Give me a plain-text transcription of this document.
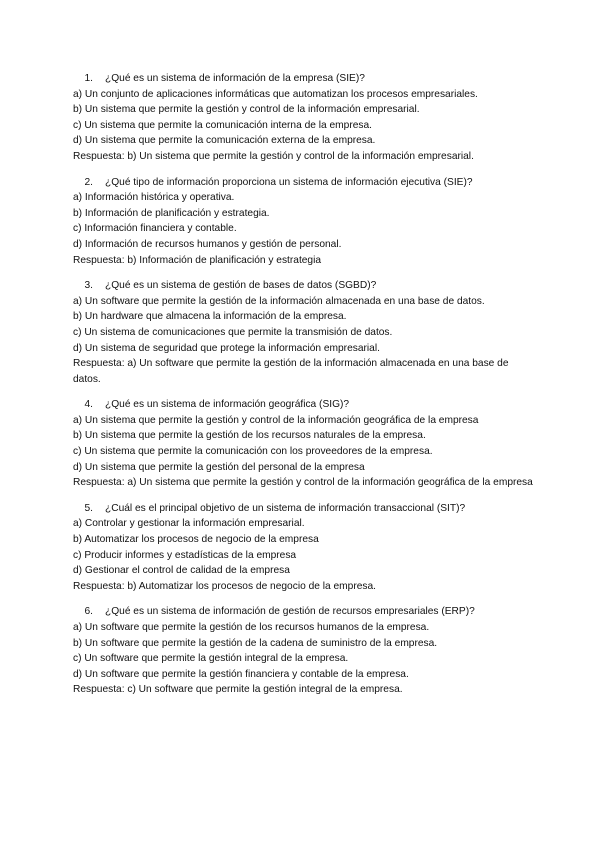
1. ¿Qué es un sistema de información de la empresa (SIE)?
a) Un conjunto de aplicaciones informáticas que automatizan los procesos empresariales.
b) Un sistema que permite la gestión y control de la información empresarial.
c) Un sistema que permite la comunicación interna de la empresa.
d) Un sistema que permite la comunicación externa de la empresa.
Respuesta: b) Un sistema que permite la gestión y control de la información empresarial.
2. ¿Qué tipo de información proporciona un sistema de información ejecutiva (SIE)?
a) Información histórica y operativa.
b) Información de planificación y estrategia.
c) Información financiera y contable.
d) Información de recursos humanos y gestión de personal.
Respuesta: b) Información de planificación y estrategia
3. ¿Qué es un sistema de gestión de bases de datos (SGBD)?
a) Un software que permite la gestión de la información almacenada en una base de datos.
b) Un hardware que almacena la información de la empresa.
c) Un sistema de comunicaciones que permite la transmisión de datos.
d) Un sistema de seguridad que protege la información empresarial.
Respuesta: a) Un software que permite la gestión de la información almacenada en una base de datos.
4. ¿Qué es un sistema de información geográfica (SIG)?
a) Un sistema que permite la gestión y control de la información geográfica de la empresa
b) Un sistema que permite la gestión de los recursos naturales de la empresa.
c) Un sistema que permite la comunicación con los proveedores de la empresa.
d) Un sistema que permite la gestión del personal de la empresa
Respuesta: a) Un sistema que permite la gestión y control de la información geográfica de la empresa
5. ¿Cuál es el principal objetivo de un sistema de información transaccional (SIT)?
a) Controlar y gestionar la información empresarial.
b) Automatizar los procesos de negocio de la empresa
c) Producir informes y estadísticas de la empresa
d) Gestionar el control de calidad de la empresa
Respuesta: b) Automatizar los procesos de negocio de la empresa.
6. ¿Qué es un sistema de información de gestión de recursos empresariales (ERP)?
a) Un software que permite la gestión de los recursos humanos de la empresa.
b) Un software que permite la gestión de la cadena de suministro de la empresa.
c) Un software que permite la gestión integral de la empresa.
d) Un software que permite la gestión financiera y contable de la empresa.
Respuesta: c) Un software que permite la gestión integral de la empresa.
